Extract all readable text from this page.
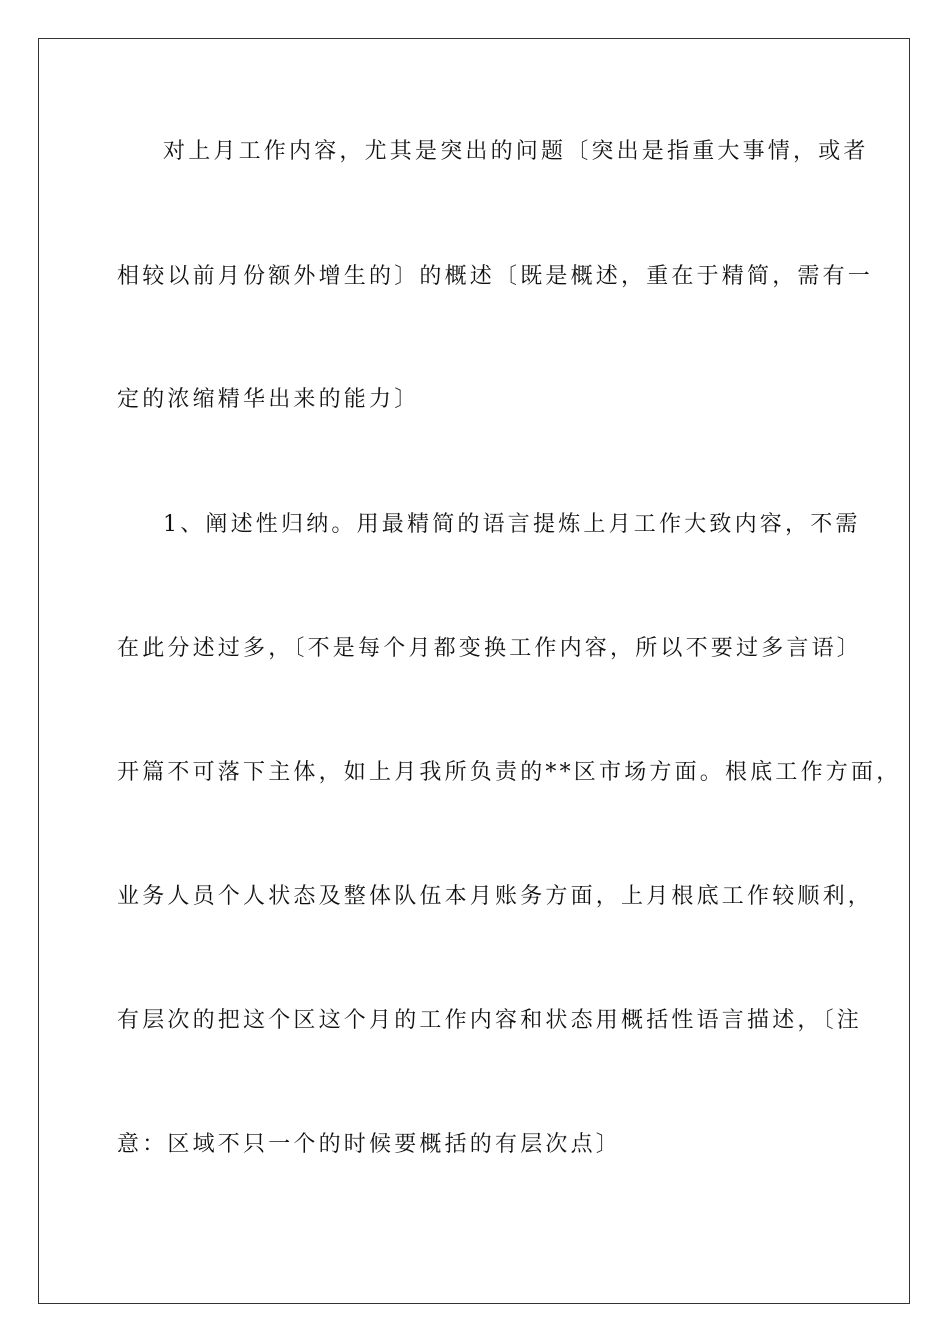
对上月工作内容，尤其是突出的问题〔突出是指重大事情，或者
相较以前月份额外增生的〕的概述〔既是概述，重在于精简，需有一
定的浓缩精华出来的能力〕
1、阐述性归纳。用最精简的语言提炼上月工作大致内容，不需
在此分述过多，〔不是每个月都变换工作内容，所以不要过多言语〕
开篇不可落下主体，如上月我所负责的**区市场方面。根底工作方面，
业务人员个人状态及整体队伍本月账务方面，上月根底工作较顺利，
有层次的把这个区这个月的工作内容和状态用概括性语言描述，〔注
意：区域不只一个的时候要概括的有层次点〕
